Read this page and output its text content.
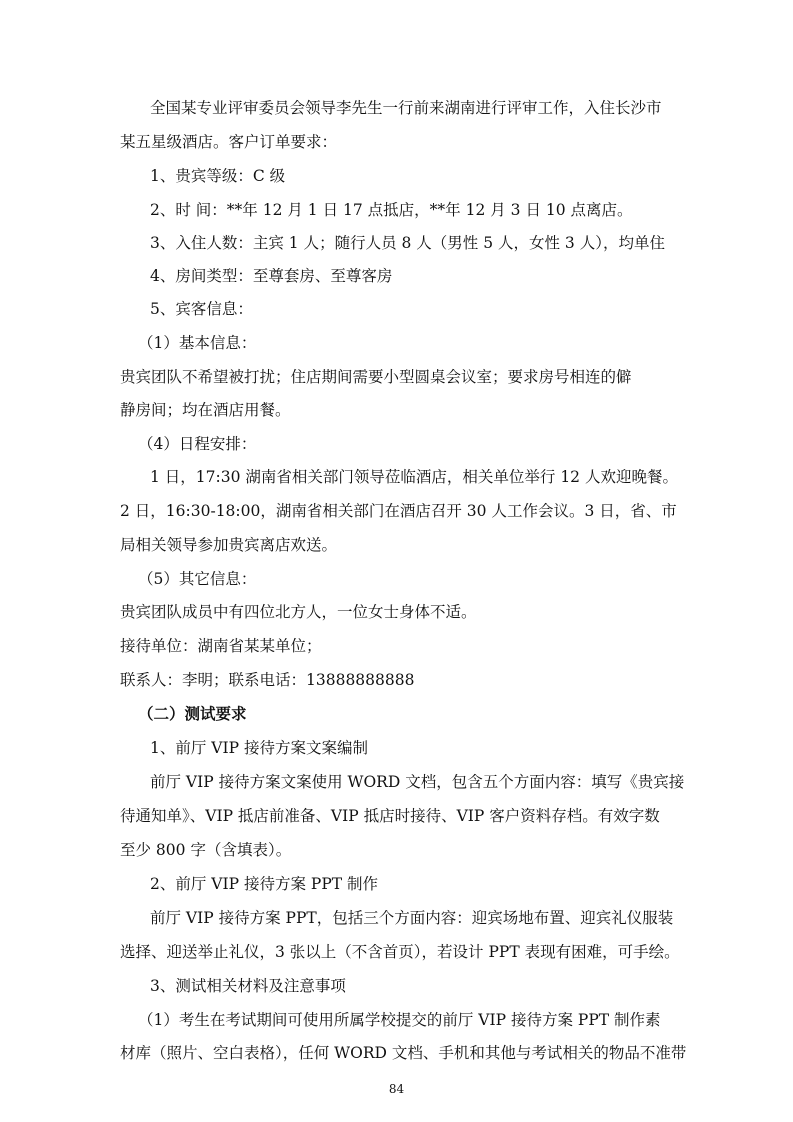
全国某专业评审委员会领导李先生一行前来湖南进行评审工作，入住长沙市
某五星级酒店。客户订单要求：
1、贵宾等级：C 级
2、时 间：**年 12 月 1 日 17 点抵店，**年 12 月 3 日 10 点离店。
3、入住人数：主宾 1 人；随行人员 8 人（男性 5 人，女性 3 人），均单住
4、房间类型：至尊套房、至尊客房
5、宾客信息：
（1）基本信息：
贵宾团队不希望被打扰；住店期间需要小型圆桌会议室；要求房号相连的僻
静房间；均在酒店用餐。
（4）日程安排：
1 日，17:30 湖南省相关部门领导莅临酒店，相关单位举行 12 人欢迎晚餐。
2 日，16:30-18:00，湖南省相关部门在酒店召开 30 人工作会议。3 日，省、市
局相关领导参加贵宾离店欢送。
（5）其它信息：
贵宾团队成员中有四位北方人，一位女士身体不适。
接待单位：湖南省某某单位；
联系人：李明；联系电话：13888888888
（二）测试要求
1、前厅 VIP 接待方案文案编制
前厅 VIP 接待方案文案使用 WORD 文档，包含五个方面内容：填写《贵宾接
待通知单》、VIP 抵店前准备、VIP 抵店时接待、VIP 客户资料存档。有效字数
至少 800 字（含填表）。
2、前厅 VIP 接待方案 PPT 制作
前厅 VIP 接待方案 PPT，包括三个方面内容：迎宾场地布置、迎宾礼仪服装
选择、迎送举止礼仪，3 张以上（不含首页），若设计 PPT 表现有困难，可手绘。
3、测试相关材料及注意事项
（1）考生在考试期间可使用所属学校提交的前厅 VIP 接待方案 PPT 制作素
材库（照片、空白表格），任何 WORD 文档、手机和其他与考试相关的物品不准带
84
